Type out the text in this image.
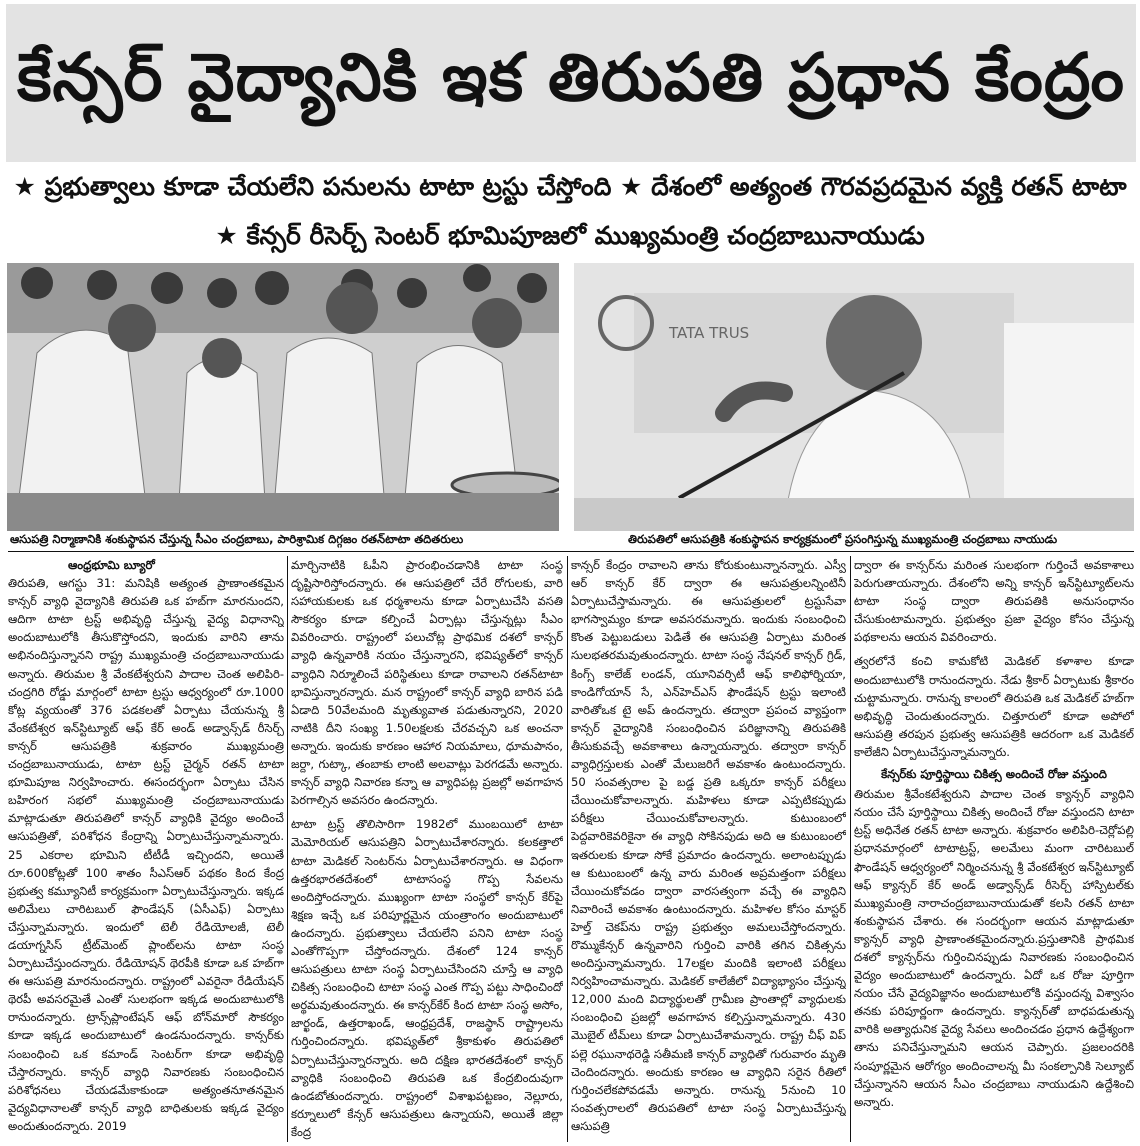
కేన్సర్ వైద్యానికి ఇక తిరుపతి ప్రధాన కేంద్రం
★ ప్రభుత్వాలు కూడా చేయలేని పనులను టాటా ట్రస్టు చేస్తోంది ★ దేశంలో అత్యంత గౌరవప్రదమైన వ్యక్తి రతన్ టాటా
★ కేన్సర్ రీసెర్చ్ సెంటర్ భూమిపూజలో ముఖ్యమంత్రి చంద్రబాబునాయుడు
TATA TRUS
ఆసుపత్రి నిర్మాణానికి శంకుస్థాపన చేస్తున్న సీఎం చంద్రబాబు, పారిశ్రామిక దిగ్గజం రతన్‌టాటా తదితరులు	తిరుపతిలో ఆసుపత్రికి శంకుస్థాపన కార్యక్రమంలో ప్రసంగిస్తున్న ముఖ్యమంత్రి చంద్రబాబు నాయుడు
ఆంధ్రభూమి బ్యూరో

తిరుపతి, ఆగస్టు 31: మనిషికి అత్యంత ప్రాణాంతకమైన కాన్సర్ వ్యాధి వైద్యానికి తిరుపతి ఒక హబ్‌గా మారనుందని, ఆదిగా టాటా ట్రస్ట్ అభివృద్ధి చేస్తున్న వైద్య విధానాన్ని అందుబాటులోకి తీసుకొస్తోందని, ఇందుకు వారిని తాను అభినందిస్తున్నానని రాష్ట్ర ముఖ్యమంత్రి చంద్రబాబునాయుడు అన్నారు. తిరుమల శ్రీ వేంకటేశ్వరుని పాదాల చెంత అలిపిరి-చంద్రగిరి రోడ్డు మార్గంలో టాటా ట్రస్టు ఆధ్వర్యంలో రూ.1000 కోట్ల వ్యయంతో 376 పడకలతో ఏర్పాటు చేయనున్న శ్రీ వేంకటేశ్వర ఇన్‌స్టిట్యూట్ ఆఫ్ కేర్ అండ్ అడ్వాన్స్‌డ్ రీసెర్చ్ కాన్సర్ ఆసుపత్రికి శుక్రవారం ముఖ్యమంత్రి చంద్రబాబునాయుడు, టాటా ట్రస్ట్ చైర్మన్ రతన్ టాటా భూమిపూజ నిర్వహించారు. ఈసందర్భంగా ఏర్పాటు చేసిన బహిరంగ సభలో ముఖ్యమంత్రి చంద్రబాబునాయుడు మాట్లాడుతూ తిరుపతిలో కాన్సర్ వ్యాధికి వైద్యం అందించే ఆసుపత్రితో, పరిశోధన కేంద్రాన్ని ఏర్పాటుచేస్తున్నామన్నారు. 25 ఎకరాల భూమిని టీటీడీ ఇచ్చిందని, అయితే రూ.600కోట్లతో 100 శాతం సీఎస్‌ఆర్ పథకం కింద కేంద్ర ప్రభుత్వ కమ్యూనిటీ కార్యక్రమంగా ఏర్పాటుచేస్తున్నారు. ఇక్కడ అలిమేలు చారిటబుల్ ఫౌండేషన్ (ఏసీఎఫ్) ఏర్పాటు చేస్తున్నామన్నారు. ఇందులో టెలీ రేడియోలజీ, టెలీ డయాగ్నసిస్ ట్రీట్‌మెంట్ ప్లాంట్‌లను టాటా సంస్థ ఏర్పాటుచేస్తుందన్నారు. రేడియోషన్ థెరపీకి కూడా ఒక హబ్‌గా ఈ ఆసుపత్రి మారనుందన్నారు. రాష్ట్రంలో ఎవరైనా రేడియేషన్ థెరపీ అవసరమైతే ఎంతో సులభంగా ఇక్కడ అందుబాటులోకి రానుందన్నారు. ట్రాన్స్‌ప్లాంటేషన్ ఆఫ్ బోన్‌మారో సౌకర్యం కూడా ఇక్కడ అందుబాటులో ఉండనుందన్నారు. కాన్సర్‌కు సంబంధించి ఒక కమాండ్ సెంటర్‌గా కూడా అభివృద్ధి చేస్తారన్నారు. కాన్సర్ వ్యాధి నివారణకు సంబంధించిన పరిశోధనలు చేయడమేకాకుండా అత్యంతనూతనమైన వైద్యవిధానాలతో కాన్సర్ వ్యాధి బాధితులకు ఇక్కడ వైద్యం అందుతుందన్నారు. 2019

మార్చినాటికి ఓపీని ప్రారంభించడానికి టాటా సంస్థ దృష్టిసారిస్తోందన్నారు. ఈ ఆసుపత్రిలో చేరే రోగులకు, వారి సహాయకులకు ఒక ధర్మశాలను కూడా ఏర్పాటుచేసి వసతి సౌకర్యం కూడా కల్పించే ఏర్పాట్లు చేస్తున్నట్లు సీఎం వివరించారు. రాష్ట్రంలో పలుచోట్ల ప్రాథమిక దశలో కాన్సర్ వ్యాధి ఉన్నవారికి నయం చేస్తున్నారని, భవిష్యత్‌లో కాన్సర్ వ్యాధిని నిర్మూలించే పరిస్థితులు కూడా రావాలని రతన్‌టాటా భావిస్తున్నారన్నారు. మన రాష్ట్రంలో కాన్సర్ వ్యాధి బారిన పడి ఏడాది 50వేలమంది మృత్యువాత పడుతున్నారని, 2020 నాటికి దీని సంఖ్య 1.50లక్షలకు చేరవచ్చని ఒక అంచనా అన్నారు. ఇందుకు కారణం ఆహార నియమాలు, ధూమపానం, జర్దా, గుట్కా, తంబాకు లాంటి అలవాట్లు పెరగడమే అన్నారు. కాన్సర్ వ్యాధి నివారణ కన్నా ఆ వ్యాధిపట్ల ప్రజల్లో అవగాహన పెరగాల్సిన అవసరం ఉందన్నారు.

టాటా ట్రస్ట్ తొలిసారిగా 1982లో ముంబయిలో టాటా మెమోరియల్ ఆసుపత్రిని ఏర్పాటుచేశారన్నారు. కలకత్తాలో టాటా మెడికల్ సెంటర్‌ను ఏర్పాటుచేశారన్నారు. ఆ విధంగా ఉత్తరభారతదేశంలో టాటాసంస్థ గొప్ప సేవలను అందిస్తోందన్నారు. ముఖ్యంగా టాటా సంస్థలో కాన్సర్ కేర్‌పై శిక్షణ ఇచ్చే ఒక పరిపూర్ణమైన యంత్రాంగం అందుబాటులో ఉందన్నారు. ప్రభుత్వాలు చేయలేని పనిని టాటా సంస్థ ఎంతోగొప్పగా చేస్తోందన్నారు. దేశంలో 124 కాన్సర్ ఆసుపత్రులు టాటా సంస్థ ఏర్పాటుచేసిందని చూస్తే ఆ వ్యాధి చికిత్స సంబంధించి టాటా సంస్థ ఎంత గొప్ప పట్టు సాధించిందో అర్థమవుతుందన్నారు. ఈ కాన్సర్‌కేర్ కింద టాటా సంస్థ అసోం, జార్ఖండ్, ఉత్తరాఖండ్, ఆంధ్రప్రదేశ్, రాజస్థాన్ రాష్ట్రాలను గుర్తించిందన్నారు. భవిష్యత్‌లో శ్రీకాకుళం తిరుపతిలో ఏర్పాటుచేస్తున్నారన్నారు. అది దక్షిణ భారతదేశంలో కాన్సర్ వ్యాధికి సంబంధించి తిరుపతి ఒక కేంద్రబిందువుగా ఉండబోతుందన్నారు. రాష్ట్రంలో విశాఖపట్టణం, నెల్లూరు, కర్నూలులో కేన్సర్ ఆసుపత్రులు ఉన్నాయని, అయితే జిల్లా కేంద్ర

కాన్సర్ కేంద్రం రావాలని తాను కోరుకుంటున్నానన్నారు. ఎస్వీ ఆర్ కాన్సర్ కేర్ ద్వారా ఈ ఆసుపత్రులన్నింటినీ ఏర్పాటుచేస్తామన్నారు. ఈ ఆసుపత్రులలో ట్రస్టుసేవా భాగస్వామ్యం కూడా అవసరమన్నారు. ఇందుకు సంబంధించి కొంత పెట్టుబడులు పెడితే ఈ ఆసుపత్రి ఏర్పాటు మరింత సులభతరమవుతుందన్నారు. టాటా సంస్థ నేషనల్ కాన్సర్ గ్రిడ్, కింగ్స్ కాలేజ్ లండన్, యూనివర్సిటీ ఆఫ్ కాలిఫోర్నియా, కాండిగోయాన్ సే, ఎన్‌హెచ్‌ఎస్ ఫౌండేషన్ ట్రస్టు ఇలాంటి వారితోఒక టై అప్ ఉందన్నారు. తద్వారా ప్రపంచ వ్యాప్తంగా కాన్సర్ వైద్యానికి సంబంధించిన పరిజ్ఞానాన్ని తిరుపతికి తీసుకువచ్చే అవకాశాలు ఉన్నాయన్నారు. తద్వారా కాన్సర్ వ్యాధిగ్రస్తులకు ఎంతో మేలుజరిగే అవకాశం ఉంటుందన్నారు. 50 సంవత్సరాల పై బడ్డ ప్రతి ఒక్కరూ కాన్సర్ పరీక్షలు చేయించుకోవాలన్నారు. మహిళలు కూడా ఎప్పటికప్పుడు పరీక్షలు చేయించుకోవాలన్నారు. కుటుంబంలో పెద్దవారికెవరికైనా ఈ వ్యాధి సోకినపుడు అది ఆ కుటుంబంలో ఇతరులకు కూడా సోకే ప్రమాదం ఉందన్నారు. అలాంటప్పుడు ఆ కుటుంబంలో ఉన్న వారు మరింత అప్రమత్తంగా పరీక్షలు చేయించుకోవడం ద్వారా వారసత్వంగా వచ్చే ఈ వ్యాధిని నివారించే అవకాశం ఉంటుందన్నారు. మహిళల కోసం మాస్టర్ హెల్త్ చెకప్‌ను రాష్ట్ర ప్రభుత్వం అమలుచేస్తోందన్నారు. రొమ్ముకేన్సర్ ఉన్నవారిని గుర్తించి వారికి తగిన చికిత్సను అందిస్తున్నామన్నారు. 17లక్షల మందికి ఇలాంటి పరీక్షలు నిర్వహించామన్నారు. మెడికల్ కాలేజీలో విద్యాభ్యాసం చేస్తున్న 12,000 మంది విద్యార్థులతో గ్రామీణ ప్రాంతాల్లో వ్యాధులకు సంబంధించి ప్రజల్లో అవగాహన కల్పిస్తున్నామన్నారు. 430 మొబైల్ టీమ్‌లు కూడా ఏర్పాటుచేశామన్నారు. రాష్ట్ర చీఫ్ విప్ పల్లె రఘునాథరెడ్డి సతీమణి కాన్సర్ వ్యాధితో గురువారం మృతి చెందిందన్నారు. అందుకు కారణం ఆ వ్యాధిని సరైన రీతిలో గుర్తించలేకపోవడమే అన్నారు. రానున్న 5నుంచి 10 సంవత్సరాలలో తిరుపతిలో టాటా సంస్థ ఏర్పాటుచేస్తున్న ఆసుపత్రి

ద్వారా ఈ కాన్సర్‌ను మరింత సులభంగా గుర్తించే అవకాశాలు పెరుగుతాయన్నారు. దేశంలోని అన్ని కాన్సర్ ఇన్‌స్టిట్యూట్‌లను టాటా సంస్థ ద్వారా తిరుపతికి అనుసంధానం చేసుకుంటామన్నారు. ప్రభుత్వం ప్రజా వైద్యం కోసం చేస్తున్న పథకాలను ఆయన వివరించారు.

త్వరలోనే కంచి కామకోటి మెడికల్ కళాశాల కూడా అందుబాటులోకి రానుందన్నారు. నేడు శ్రీకార్ ఏర్పాటుకు శ్రీకారం చుట్టామన్నారు. రానున్న కాలంలో తిరుపతి ఒక మెడికల్ హబ్‌గా అభివృద్ధి చెందుతుందన్నారు. చిత్తూరులో కూడా అపోలో ఆసుపత్రి తరపున ప్రభుత్వ ఆసుపత్రికి ఆదరంగా ఒక మెడికల్ కాలేజీని ఏర్పాటుచేస్తున్నామన్నారు.

కేన్సర్‌కు పూర్తిస్థాయి చికిత్స అందించే రోజు వస్తుంది

తిరుమల శ్రీవేంకటేశ్వరుని పాదాల చెంత క్యాన్సర్ వ్యాధిని నయం చేసే పూర్తిస్థాయి చికిత్స అందించే రోజు వస్తుందని టాటా ట్రస్ట్ అధినేత రతన్ టాటా అన్నారు. శుక్రవారం అలిపిరి-చెర్లోపల్లి ప్రధానమార్గంలో టాటాట్రస్ట్, అలమేలు మంగా చారిటబుల్ ఫౌండేషన్ ఆధ్వర్యంలో నిర్మించనున్న శ్రీ వేంకటేశ్వర ఇన్‌స్టిట్యూట్ ఆఫ్ క్యాన్సర్ కేర్ అండ్ అడ్వాన్స్‌డ్ రీసెర్చ్ హాస్పిటల్‌కు ముఖ్యమంత్రి నారాచంద్రబాబునాయుడుతో కలసి రతన్ టాటా శంకుస్థాపన చేశారు. ఈ సందర్భంగా ఆయన మాట్లాడుతూ క్యాన్సర్ వ్యాధి ప్రాణాంతకమైందన్నారు.ప్రస్తుతానికి ప్రాథమిక దశలో క్యాన్సర్‌ను గుర్తించినప్పుడు నివారణకు సంబంధించిన వైద్యం అందుబాటులో ఉందన్నారు. ఏదో ఒక రోజు పూర్తిగా నయం చేసే వైద్యవిజ్ఞానం అందుబాటులోకి వస్తుందన్న విశ్వాసం తనకు పరిపూర్ణంగా ఉందన్నారు. క్యాన్సర్‌తో బాధపడుతున్న వారికి అత్యాధునిక వైద్య సేవలు అందించడం ప్రధాన ఉద్దేశ్యంగా తాను పనిచేస్తున్నామని ఆయన చెప్పారు. ప్రజలందరికి సంపూర్ణమైన ఆరోగ్యం అందించాలన్న మీ సంకల్పానికి సెల్యూట్ చేస్తున్నానని ఆయన సీఎం చంద్రబాబు నాయుడుని ఉద్దేశించి అన్నారు.
